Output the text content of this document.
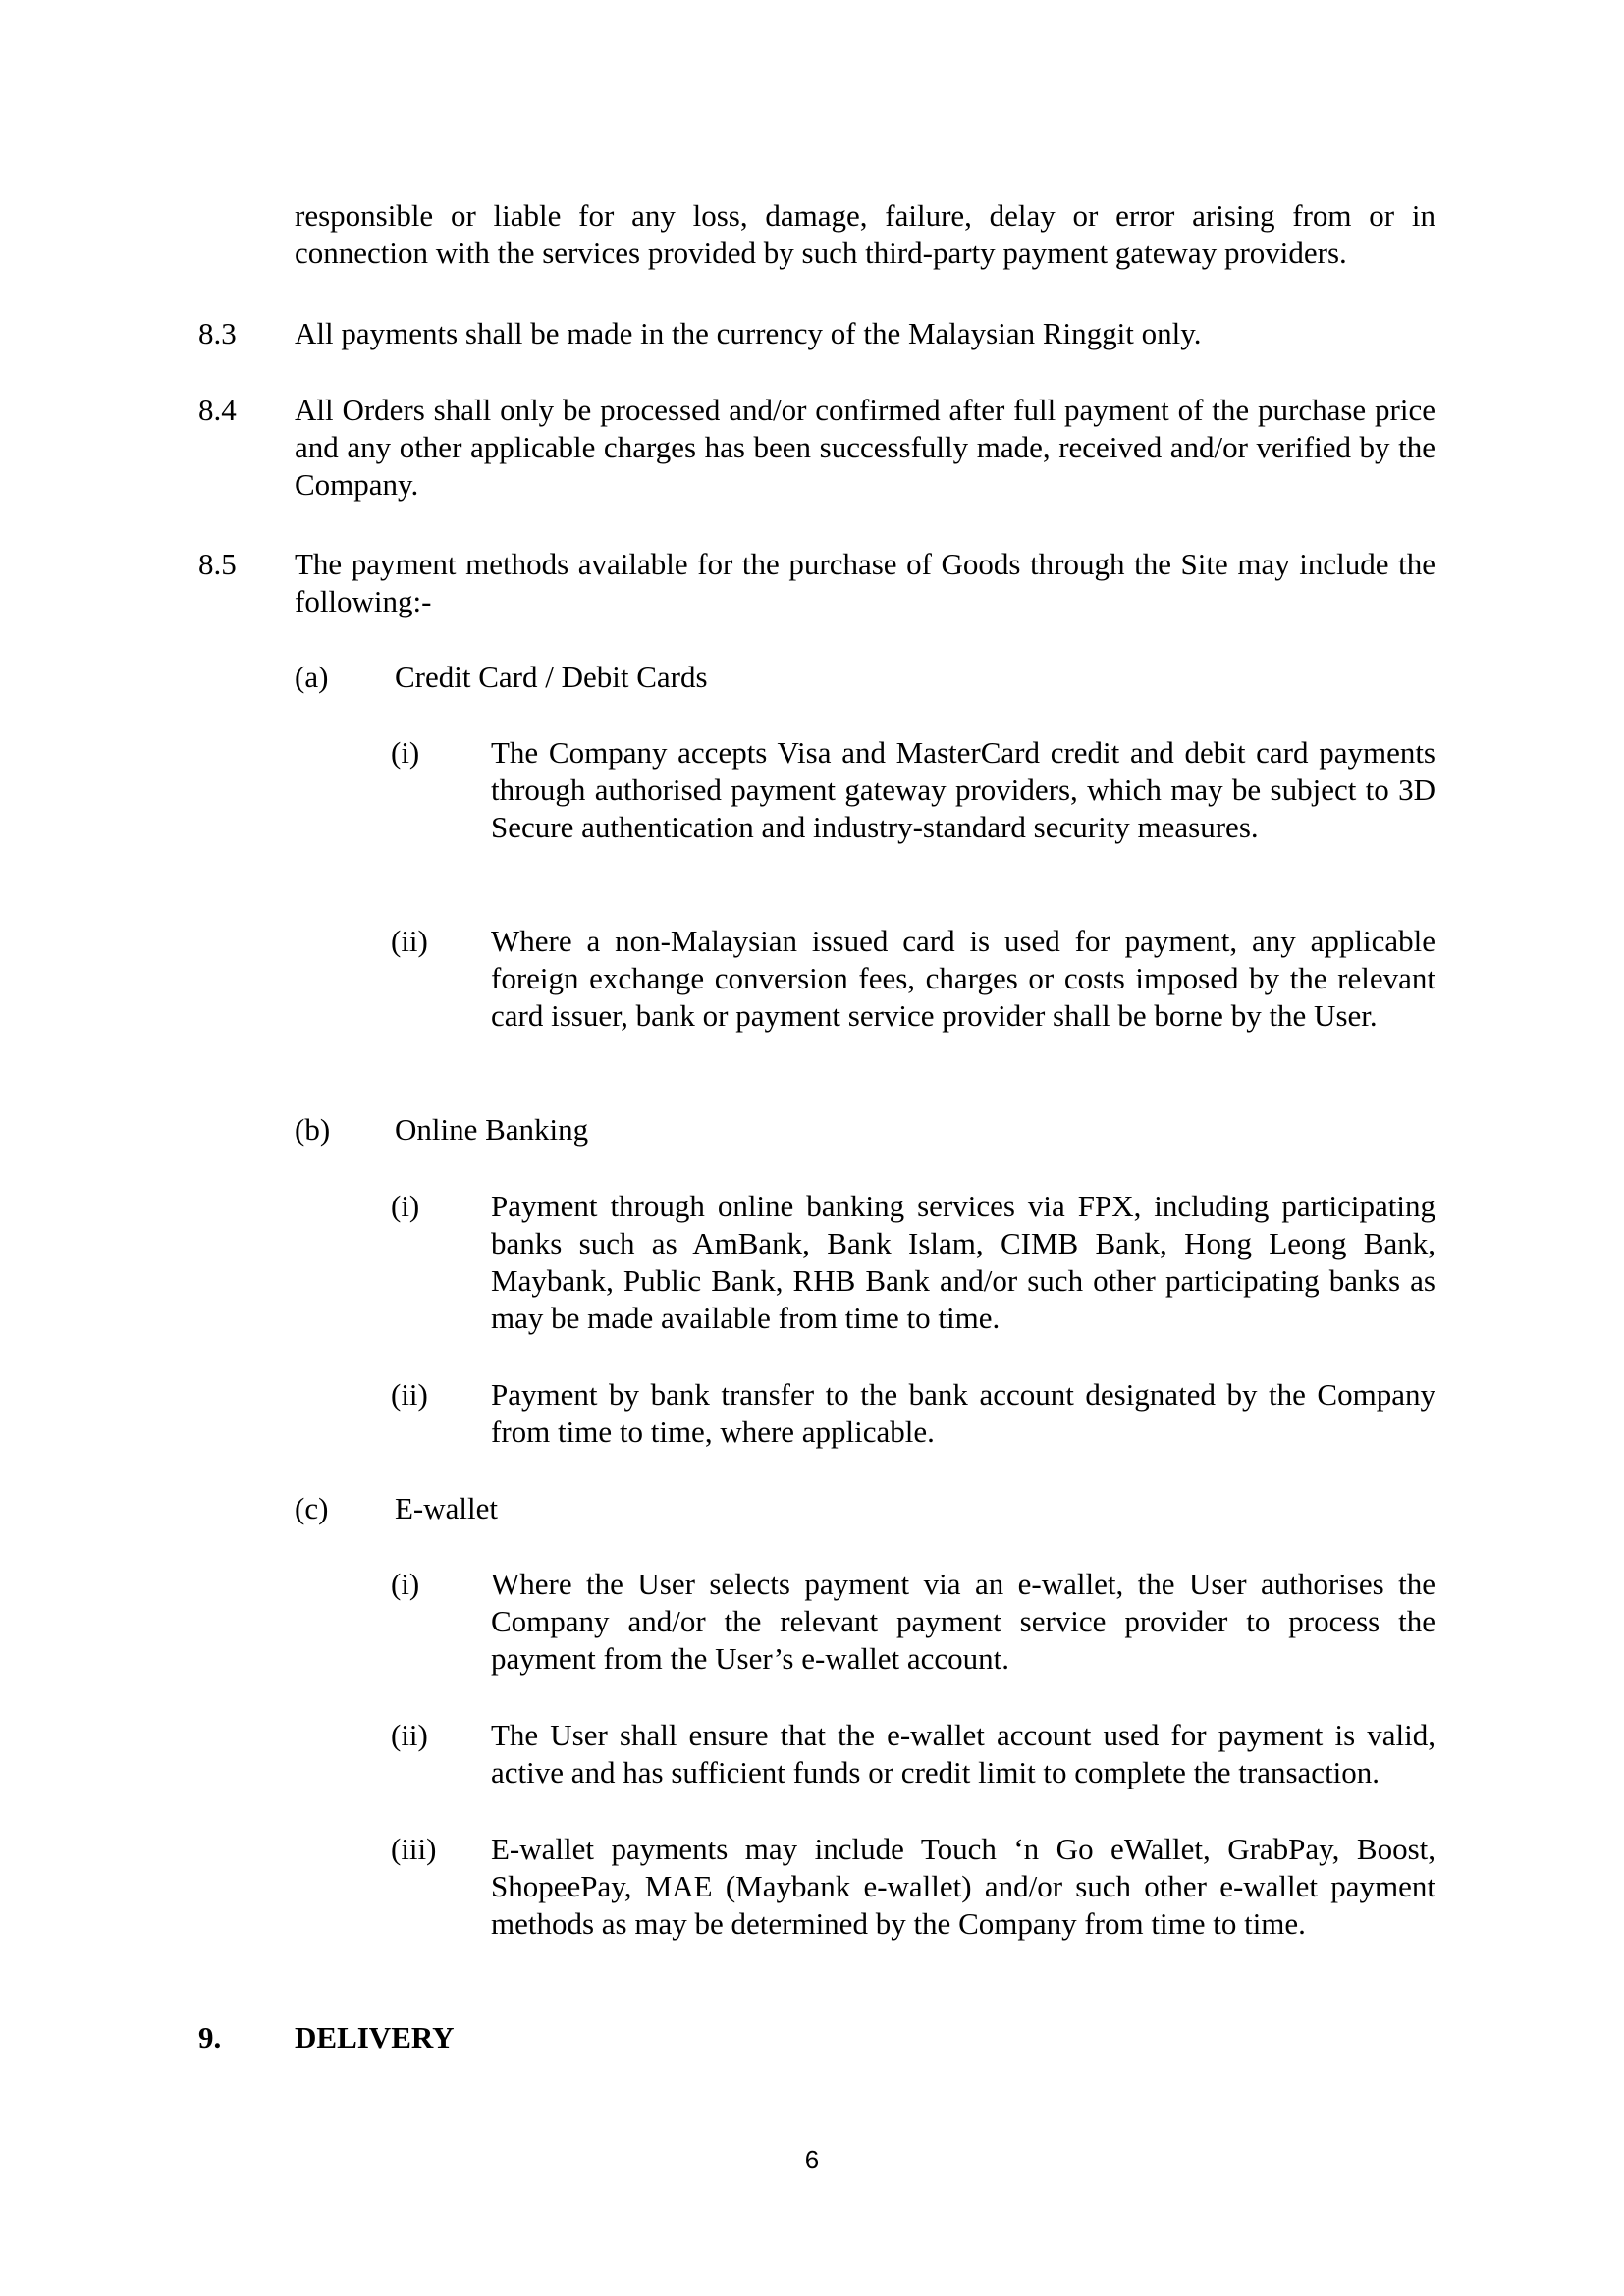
responsible or liable for any loss, damage, failure, delay or error arising from or in connection with the services provided by such third-party payment gateway providers.

8.3 All payments shall be made in the currency of the Malaysian Ringgit only.

8.4 All Orders shall only be processed and/or confirmed after full payment of the purchase price and any other applicable charges has been successfully made, received and/or verified by the Company.

8.5 The payment methods available for the purchase of Goods through the Site may include the following:-

(a) Credit Card / Debit Cards
(i) The Company accepts Visa and MasterCard credit and debit card payments through authorised payment gateway providers, which may be subject to 3D Secure authentication and industry-standard security measures.

(ii) Where a non-Malaysian issued card is used for payment, any applicable foreign exchange conversion fees, charges or costs imposed by the relevant card issuer, bank or payment service provider shall be borne by the User.

(b) Online Banking
(i) Payment through online banking services via FPX, including participating banks such as AmBank, Bank Islam, CIMB Bank, Hong Leong Bank, Maybank, Public Bank, RHB Bank and/or such other participating banks as may be made available from time to time.

(ii) Payment by bank transfer to the bank account designated by the Company from time to time, where applicable.

(c) E-wallet
(i) Where the User selects payment via an e-wallet, the User authorises the Company and/or the relevant payment service provider to process the payment from the User’s e-wallet account.

(ii) The User shall ensure that the e-wallet account used for payment is valid, active and has sufficient funds or credit limit to complete the transaction.

(iii) E-wallet payments may include Touch ‘n Go eWallet, GrabPay, Boost, ShopeePay, MAE (Maybank e-wallet) and/or such other e-wallet payment methods as may be determined by the Company from time to time.

9. DELIVERY
6
